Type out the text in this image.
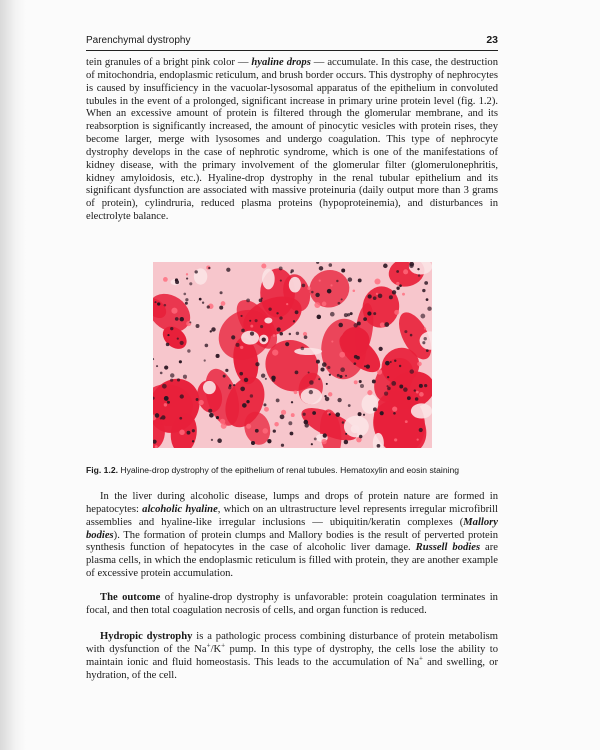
Parenchymal dystrophy	23

tein granules of a bright pink color — hyaline drops — accumulate. In this case, the destruction of mitochondria, endoplasmic reticulum, and brush border occurs. This dystrophy of nephrocytes is caused by insufficiency in the vacuolar-lysosomal apparatus of the epithelium in convoluted tubules in the event of a prolonged, significant increase in primary urine protein level (fig. 1.2). When an excessive amount of protein is filtered through the glomerular membrane, and its reabsorption is significantly increased, the amount of pinocytic vesicles with protein rises, they become larger, merge with lysosomes and undergo coagulation. This type of nephrocyte dystrophy develops in the case of nephrotic syndrome, which is one of the manifestations of kidney disease, with the primary involvement of the glomerular filter (glomerulonephritis, kidney amyloidosis, etc.). Hyaline-drop dystrophy in the renal tubular epithelium and its significant dysfunction are associated with massive proteinuria (daily output more than 3 grams of protein), cylindruria, reduced plasma proteins (hypoproteinemia), and disturbances in electrolyte balance.

Fig. 1.2. Hyaline-drop dystrophy of the epithelium of renal tubules. Hematoxylin and eosin staining

In the liver during alcoholic disease, lumps and drops of protein nature are formed in hepatocytes: alcoholic hyaline, which on an ultrastructure level represents irregular microfibrill assemblies and hyaline-like irregular inclusions — ubiquitin/keratin complexes (Mallory bodies). The formation of protein clumps and Mallory bodies is the result of perverted protein synthesis function of hepatocytes in the case of alcoholic liver damage. Russell bodies are plasma cells, in which the endoplasmic reticulum is filled with protein, they are another example of excessive protein accumulation.

The outcome of hyaline-drop dystrophy is unfavorable: protein coagulation terminates in focal, and then total coagulation necrosis of cells, and organ function is reduced.

Hydropic dystrophy is a pathologic process combining disturbance of protein metabolism with dysfunction of the Na+/K+ pump. In this type of dystrophy, the cells lose the ability to maintain ionic and fluid homeostasis. This leads to the accumulation of Na+ and swelling, or hydration, of the cell.
